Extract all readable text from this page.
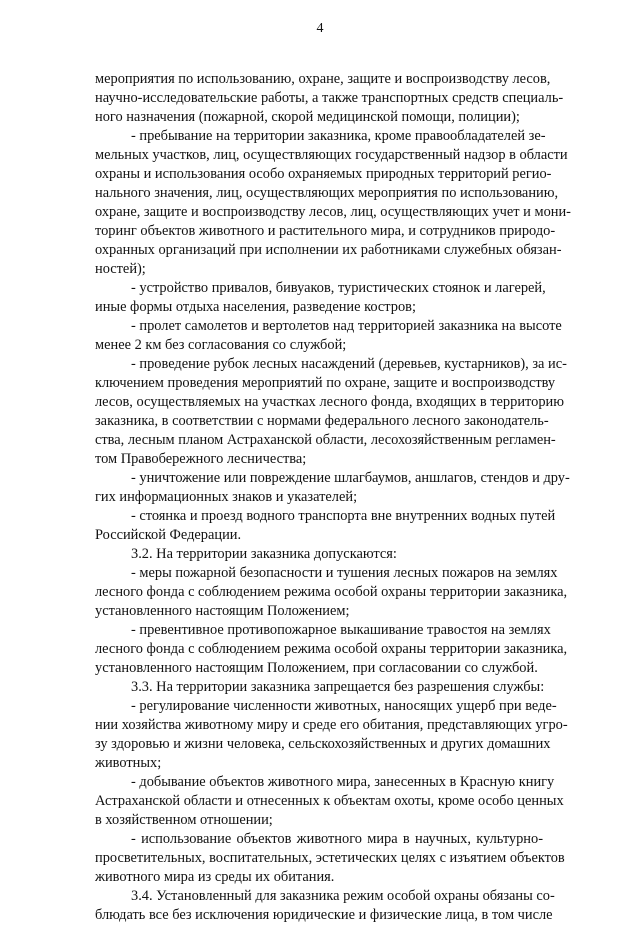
4
мероприятия по использованию, охране, защите и воспроизводству лесов,
научно-исследовательские работы, а также транспортных средств специаль-
ного назначения (пожарной, скорой медицинской помощи, полиции);
- пребывание на территории заказника, кроме правообладателей зе-
мельных участков, лиц, осуществляющих государственный надзор в области
охраны и использования особо охраняемых природных территорий регио-
нального значения, лиц, осуществляющих мероприятия по использованию,
охране, защите и воспроизводству лесов, лиц, осуществляющих учет и мони-
торинг объектов животного и растительного мира, и сотрудников природо-
охранных организаций при исполнении их работниками служебных обязан-
ностей);
- устройство привалов, бивуаков, туристических стоянок и лагерей,
иные формы отдыха населения, разведение костров;
- пролет самолетов и вертолетов над территорией заказника на высоте
менее 2 км без согласования со службой;
- проведение рубок лесных насаждений (деревьев, кустарников), за ис-
ключением проведения мероприятий по охране, защите и воспроизводству
лесов, осуществляемых на участках лесного фонда, входящих в территорию
заказника, в соответствии с нормами федерального лесного законодатель-
ства, лесным планом Астраханской области, лесохозяйственным регламен-
том Правобережного лесничества;
- уничтожение или повреждение шлагбаумов, аншлагов, стендов и дру-
гих информационных знаков и указателей;
- стоянка и проезд водного транспорта вне внутренних водных путей
Российской Федерации.
3.2. На территории заказника допускаются:
- меры пожарной безопасности и тушения лесных пожаров на землях
лесного фонда с соблюдением режима особой охраны территории заказника,
установленного настоящим Положением;
- превентивное противопожарное выкашивание травостоя на землях
лесного фонда с соблюдением режима особой охраны территории заказника,
установленного настоящим Положением, при согласовании со службой.
3.3. На территории заказника запрещается без разрешения службы:
- регулирование численности животных, наносящих ущерб при веде-
нии хозяйства животному миру и среде его обитания, представляющих угро-
зу здоровью и жизни человека, сельскохозяйственных и других домашних
животных;
- добывание объектов животного мира, занесенных в Красную книгу
Астраханской области и отнесенных к объектам охоты, кроме особо ценных
в хозяйственном отношении;
- использование объектов животного мира в научных, культурно-
просветительных, воспитательных, эстетических целях с изъятием объектов
животного мира из среды их обитания.
3.4. Установленный для заказника режим особой охраны обязаны со-
блюдать все без исключения юридические и физические лица, в том числе
